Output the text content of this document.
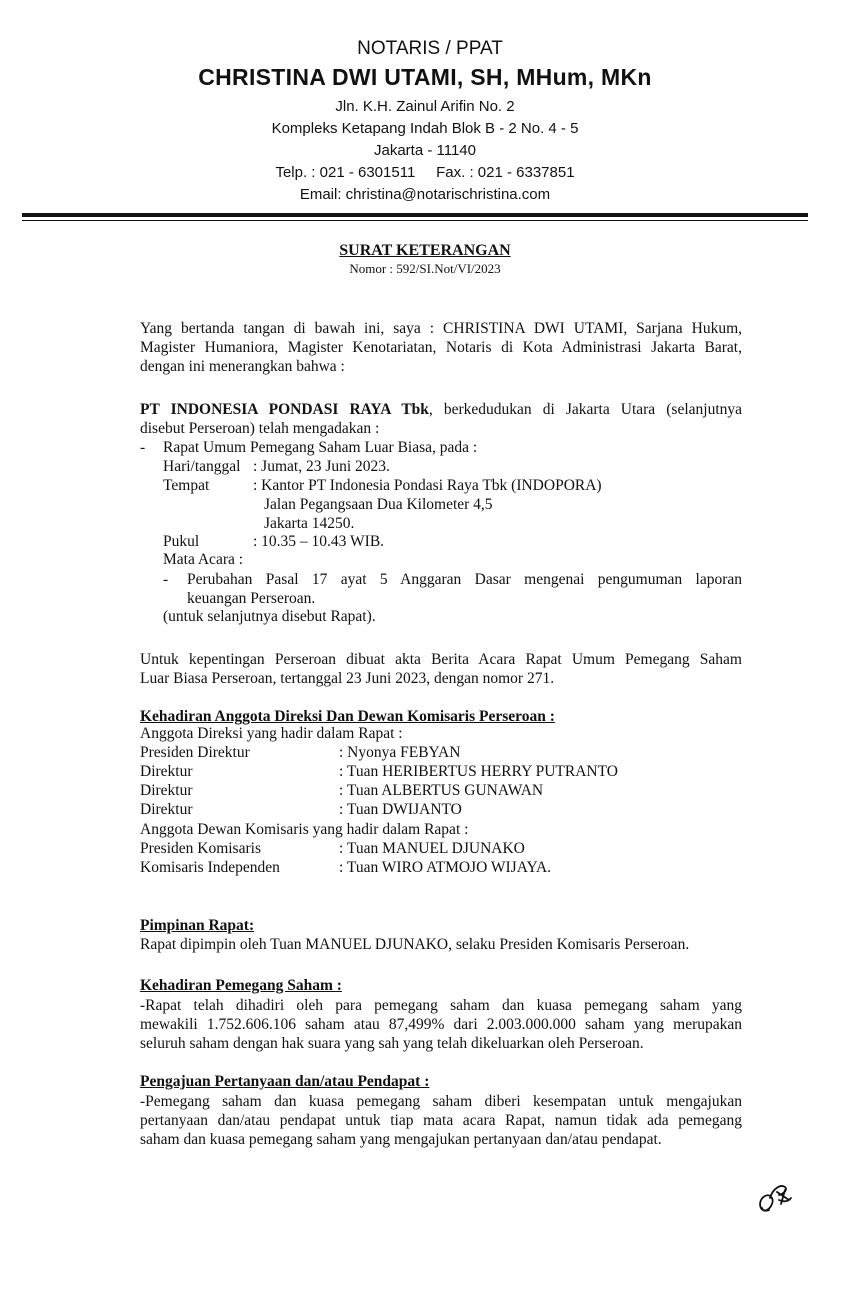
NOTARIS / PPAT
CHRISTINA DWI UTAMI, SH, MHum, MKn
Jln. K.H. Zainul Arifin No. 2
Kompleks Ketapang Indah Blok B - 2 No. 4 - 5
Jakarta - 11140
Telp. : 021 - 6301511     Fax. : 021 - 6337851
Email: christina@notarischristina.com
SURAT KETERANGAN
Nomor : 592/SI.Not/VI/2023

Yang bertanda tangan di bawah ini, saya : CHRISTINA DWI UTAMI, Sarjana Hukum,

Magister Humaniora, Magister Kenotariatan, Notaris di Kota Administrasi Jakarta Barat,

dengan ini menerangkan bahwa :

PT INDONESIA PONDASI RAYA Tbk, berkedudukan di Jakarta Utara (selanjutnya

disebut Perseroan) telah mengadakan :

- Rapat Umum Pemegang Saham Luar Biasa, pada :

Hari/tanggal : Jumat, 23 Juni 2023.

Tempat	: Kantor PT Indonesia Pondasi Raya Tbk (INDOPORA)

Jalan Pegangsaan Dua Kilometer 4,5

Jakarta 14250.

Pukul	: 10.35 – 10.43 WIB.

Mata Acara :

- Perubahan Pasal 17 ayat 5 Anggaran Dasar mengenai pengumuman laporan

keuangan Perseroan.

(untuk selanjutnya disebut Rapat).

Untuk kepentingan Perseroan dibuat akta Berita Acara Rapat Umum Pemegang Saham

Luar Biasa Perseroan, tertanggal 23 Juni 2023, dengan nomor 271.

Kehadiran Anggota Direksi Dan Dewan Komisaris Perseroan :

Anggota Direksi yang hadir dalam Rapat :

Presiden Direktur	: Nyonya FEBYAN

Direktur	: Tuan HERIBERTUS HERRY PUTRANTO

Direktur	: Tuan ALBERTUS GUNAWAN

Direktur	: Tuan DWIJANTO

Anggota Dewan Komisaris yang hadir dalam Rapat :

Presiden Komisaris	: Tuan MANUEL DJUNAKO

Komisaris Independen	: Tuan WIRO ATMOJO WIJAYA.

Pimpinan Rapat:

Rapat dipimpin oleh Tuan MANUEL DJUNAKO, selaku Presiden Komisaris Perseroan.

Kehadiran Pemegang Saham :

-Rapat telah dihadiri oleh para pemegang saham dan kuasa pemegang saham yang

mewakili 1.752.606.106 saham atau 87,499% dari 2.003.000.000 saham yang merupakan

seluruh saham dengan hak suara yang sah yang telah dikeluarkan oleh Perseroan.

Pengajuan Pertanyaan dan/atau Pendapat :

-Pemegang saham dan kuasa pemegang saham diberi kesempatan untuk mengajukan

pertanyaan dan/atau pendapat untuk tiap mata acara Rapat, namun tidak ada pemegang

saham dan kuasa pemegang saham yang mengajukan pertanyaan dan/atau pendapat.
